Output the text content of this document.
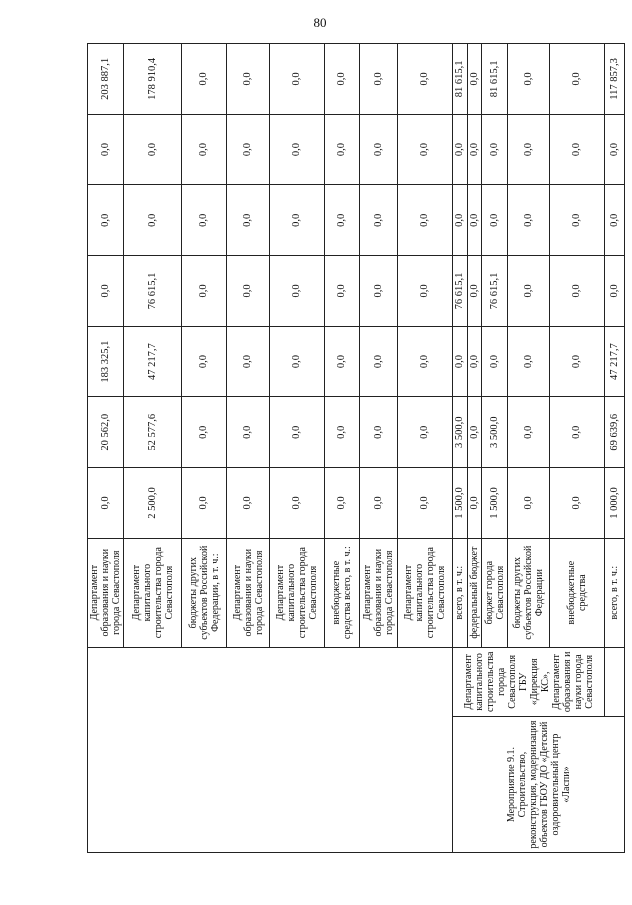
80
		Департамент образования и науки города Севастополя	0,0	20 562,0	183 325,1	0,0	0,0	0,0	203 887,1
		Департамент капитального строительства города Севастополя	2 500,0	52 577,6	47 217,7	76 615,1	0,0	0,0	178 910,4
		бюджеты других субъектов Российской Федерации, в т. ч.:	0,0	0,0	0,0	0,0	0,0	0,0	0,0
		Департамент образования и науки города Севастополя	0,0	0,0	0,0	0,0	0,0	0,0	0,0
		Департамент капитального строительства города Севастополя	0,0	0,0	0,0	0,0	0,0	0,0	0,0
		внебюджетные средства всего, в т. ч.:	0,0	0,0	0,0	0,0	0,0	0,0	0,0
		Департамент образования и науки города Севастополя	0,0	0,0	0,0	0,0	0,0	0,0	0,0
		Департамент капитального строительства города Севастополя	0,0	0,0	0,0	0,0	0,0	0,0	0,0
Мероприятие 9.1. Строительство, реконструкция, модернизация объектов ГБОУ ДО «Детский оздоровительный центр «Ласпи»	Департамент капитального строительства города Севастополя ГБУ «Дирекция КС», Департамент образования и науки города Севастополя	всего, в т. ч.:	1 500,0	3 500,0	0,0	76 615,1	0,0	0,0	81 615,1
		федеральный бюджет	0,0	0,0	0,0	0,0	0,0	0,0	0,0
		бюджет города Севастополя	1 500,0	3 500,0	0,0	76 615,1	0,0	0,0	81 615,1
		бюджеты других субъектов Российской Федерации	0,0	0,0	0,0	0,0	0,0	0,0	0,0
		внебюджетные средства	0,0	0,0	0,0	0,0	0,0	0,0	0,0
		всего, в т. ч.:	1 000,0	69 639,6	47 217,7	0,0	0,0	0,0	117 857,3
